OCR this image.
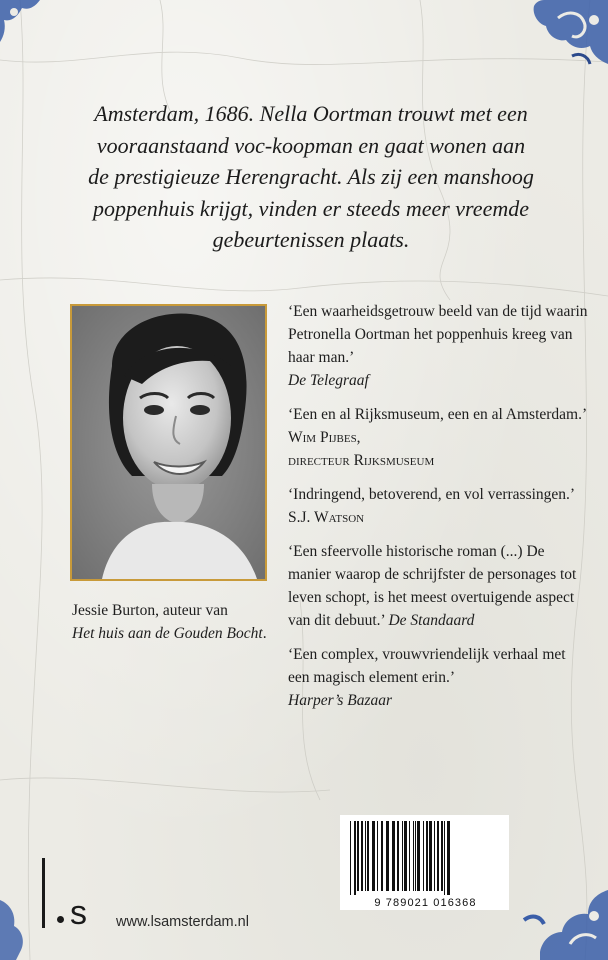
Amsterdam, 1686. Nella Oortman trouwt met een
vooraanstaand voc-koopman en gaat wonen aan
de prestigieuze Herengracht. Als zij een manshoog
poppenhuis krijgt, vinden er steeds meer vreemde
gebeurtenissen plaats.
Jessie Burton, auteur van
Het huis aan de Gouden Bocht.
‘Een waarheidsgetrouw beeld van de tijd waarin Petronella Oortman het poppenhuis kreeg van haar man.’
De Telegraaf
‘Een en al Rijksmuseum, een en al Amsterdam.’ Wim Pijbes,
directeur Rijksmuseum
‘Indringend, betoverend, en vol verrassingen.’ S.J. Watson
‘Een sfeervolle historische roman (...) De manier waarop de schrijfster de personages tot leven schopt, is het meest overtuigende aspect van dit debuut.’ De Standaard
‘Een complex, vrouwvriendelijk verhaal met een magisch element erin.’
Harper’s Bazaar
9 789021 016368
s www.lsamsterdam.nl
